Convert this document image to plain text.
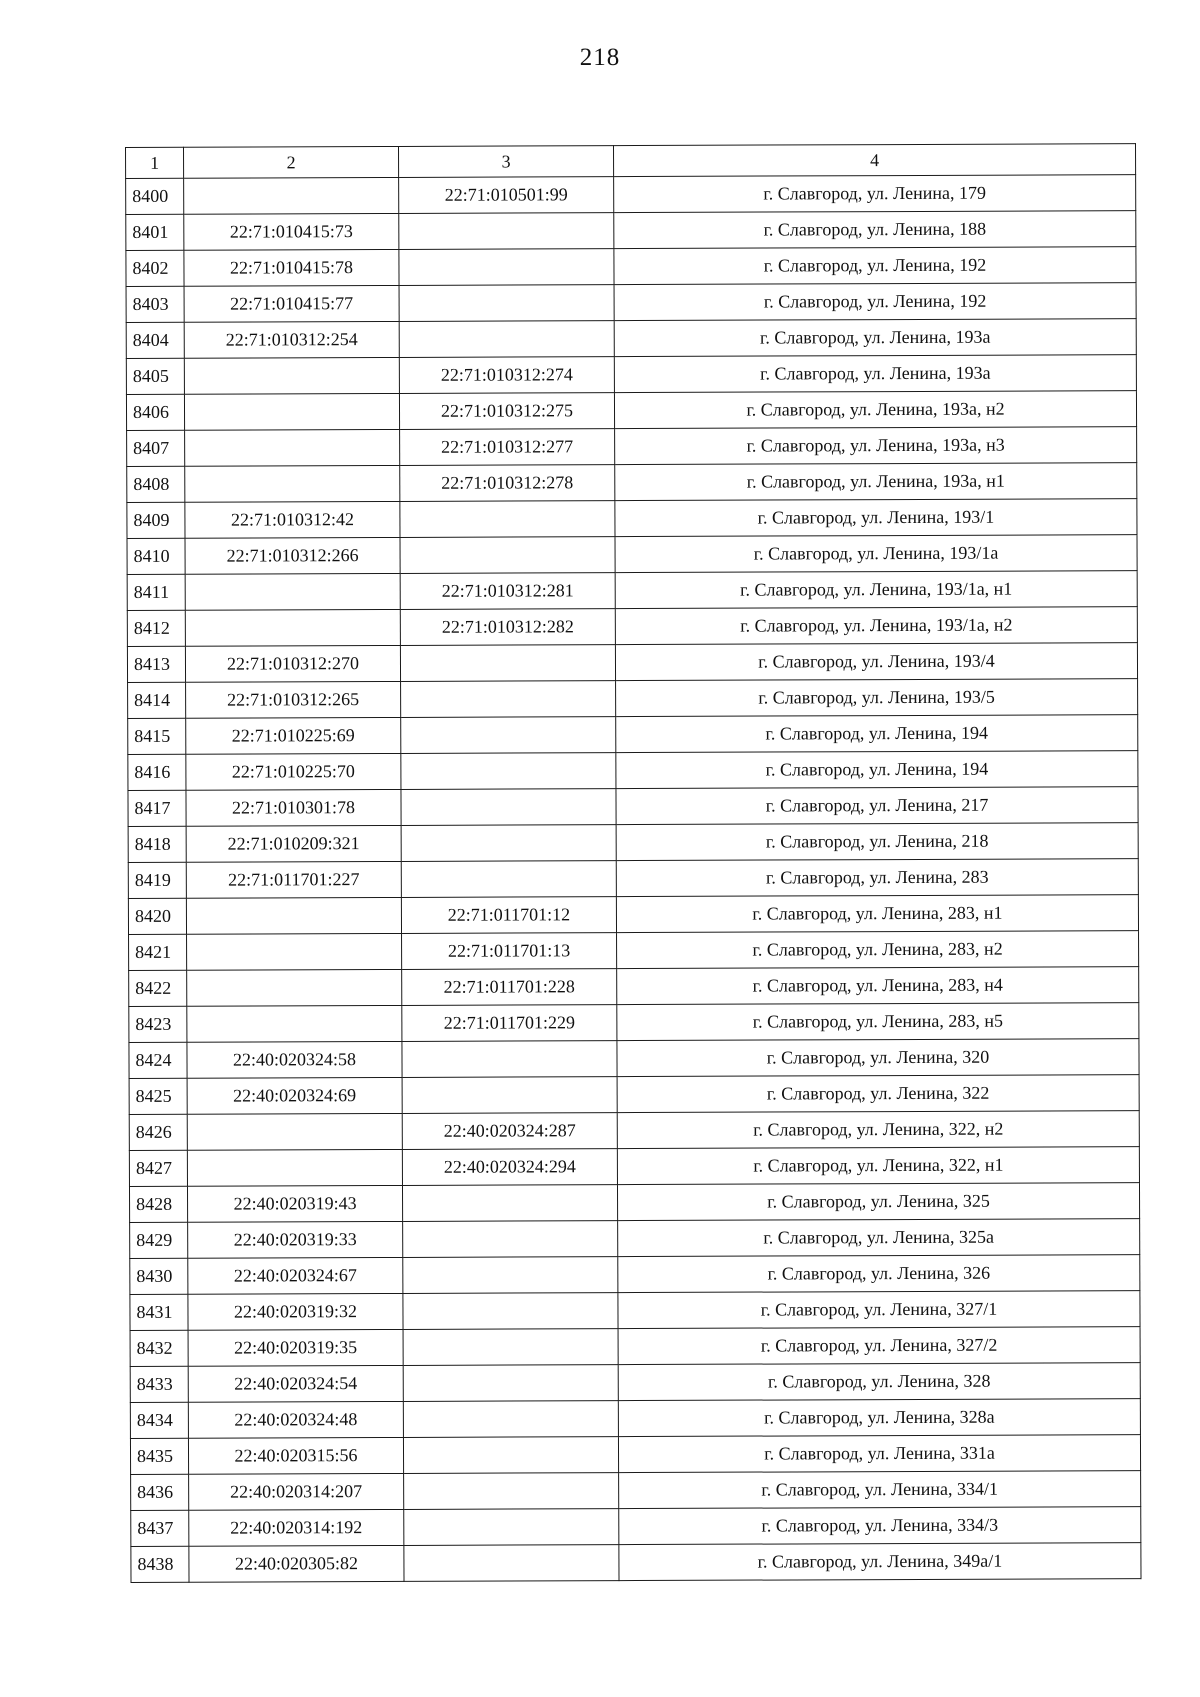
218
1	2	3	4
8400		22:71:010501:99	г. Славгород, ул. Ленина, 179
8401	22:71:010415:73		г. Славгород, ул. Ленина, 188
8402	22:71:010415:78		г. Славгород, ул. Ленина, 192
8403	22:71:010415:77		г. Славгород, ул. Ленина, 192
8404	22:71:010312:254		г. Славгород, ул. Ленина, 193а
8405		22:71:010312:274	г. Славгород, ул. Ленина, 193а
8406		22:71:010312:275	г. Славгород, ул. Ленина, 193а, н2
8407		22:71:010312:277	г. Славгород, ул. Ленина, 193а, н3
8408		22:71:010312:278	г. Славгород, ул. Ленина, 193а, н1
8409	22:71:010312:42		г. Славгород, ул. Ленина, 193/1
8410	22:71:010312:266		г. Славгород, ул. Ленина, 193/1а
8411		22:71:010312:281	г. Славгород, ул. Ленина, 193/1а, н1
8412		22:71:010312:282	г. Славгород, ул. Ленина, 193/1а, н2
8413	22:71:010312:270		г. Славгород, ул. Ленина, 193/4
8414	22:71:010312:265		г. Славгород, ул. Ленина, 193/5
8415	22:71:010225:69		г. Славгород, ул. Ленина, 194
8416	22:71:010225:70		г. Славгород, ул. Ленина, 194
8417	22:71:010301:78		г. Славгород, ул. Ленина, 217
8418	22:71:010209:321		г. Славгород, ул. Ленина, 218
8419	22:71:011701:227		г. Славгород, ул. Ленина, 283
8420		22:71:011701:12	г. Славгород, ул. Ленина, 283, н1
8421		22:71:011701:13	г. Славгород, ул. Ленина, 283, н2
8422		22:71:011701:228	г. Славгород, ул. Ленина, 283, н4
8423		22:71:011701:229	г. Славгород, ул. Ленина, 283, н5
8424	22:40:020324:58		г. Славгород, ул. Ленина, 320
8425	22:40:020324:69		г. Славгород, ул. Ленина, 322
8426		22:40:020324:287	г. Славгород, ул. Ленина, 322, н2
8427		22:40:020324:294	г. Славгород, ул. Ленина, 322, н1
8428	22:40:020319:43		г. Славгород, ул. Ленина, 325
8429	22:40:020319:33		г. Славгород, ул. Ленина, 325а
8430	22:40:020324:67		г. Славгород, ул. Ленина, 326
8431	22:40:020319:32		г. Славгород, ул. Ленина, 327/1
8432	22:40:020319:35		г. Славгород, ул. Ленина, 327/2
8433	22:40:020324:54		г. Славгород, ул. Ленина, 328
8434	22:40:020324:48		г. Славгород, ул. Ленина, 328а
8435	22:40:020315:56		г. Славгород, ул. Ленина, 331а
8436	22:40:020314:207		г. Славгород, ул. Ленина, 334/1
8437	22:40:020314:192		г. Славгород, ул. Ленина, 334/3
8438	22:40:020305:82		г. Славгород, ул. Ленина, 349а/1
